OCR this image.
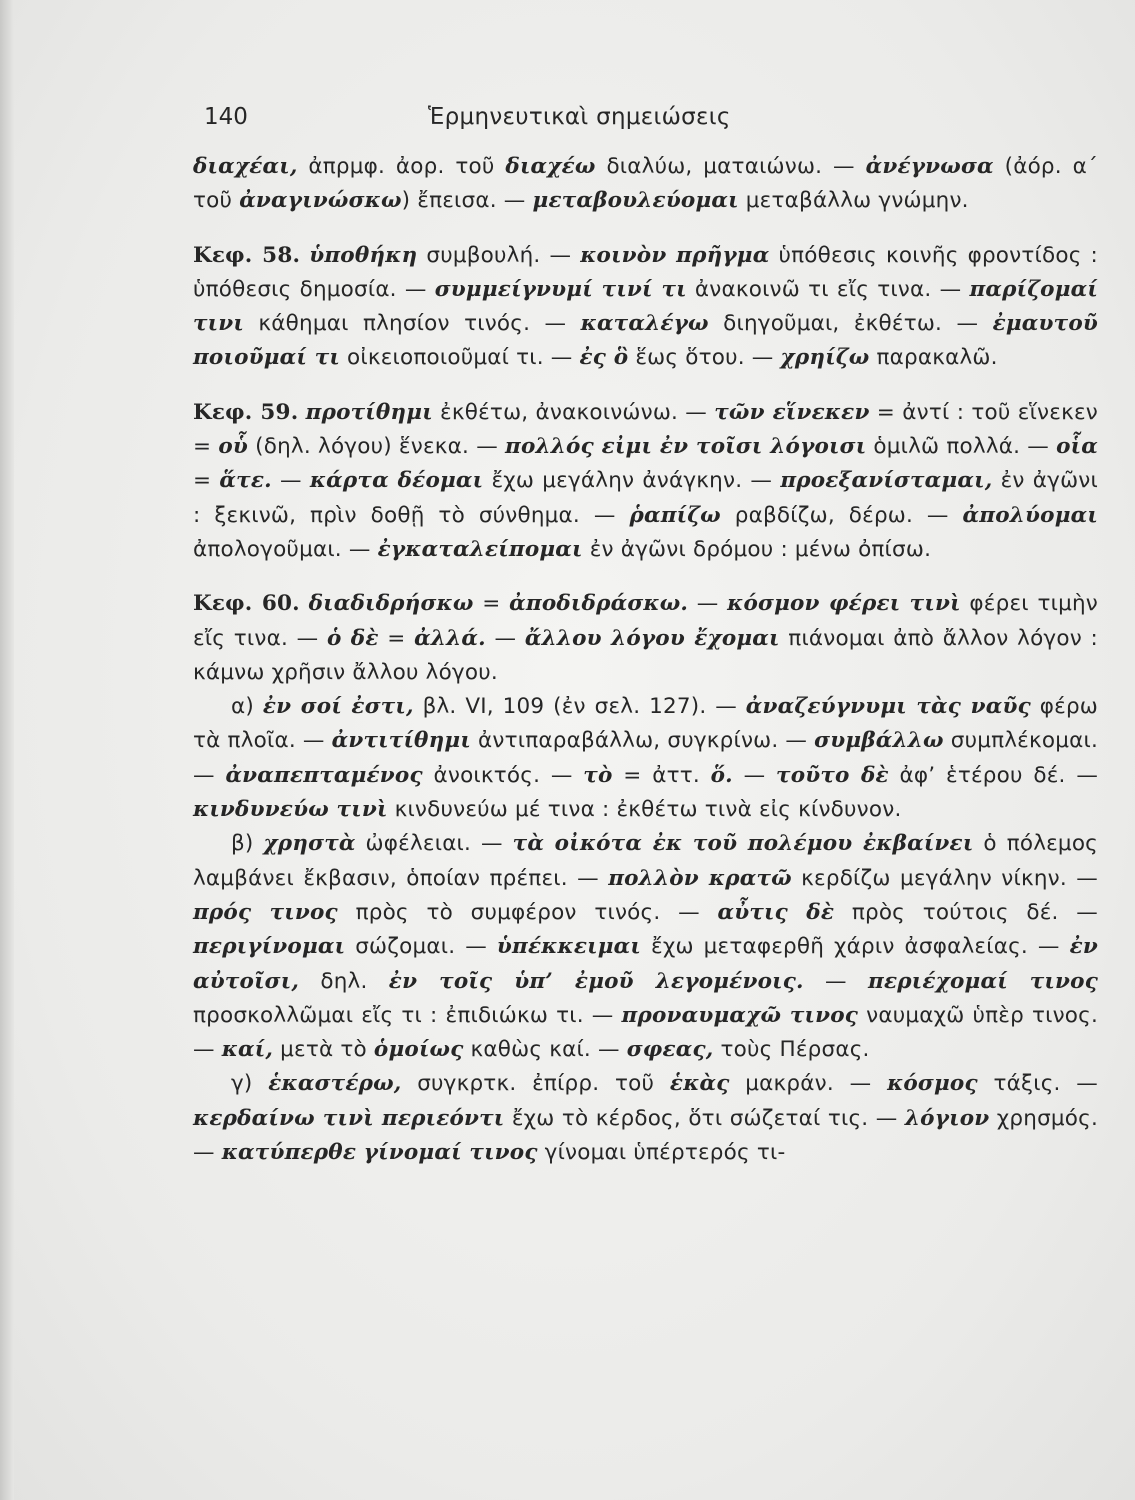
140	Ἑρμηνευτικαὶ σημειώσεις

διαχέαι, ἀπρμφ. ἀορ. τοῦ διαχέω διαλύω, ματαιώνω. — ἀνέγνωσα (ἀόρ. α΄ τοῦ ἀναγινώσκω) ἔπεισα. — μεταβουλεύομαι μεταβάλλω γνώμην.

Κεφ. 58. ὑποθήκη συμβουλή. — κοινὸν πρῆγμα ὑπόθεσις κοινῆς φροντίδος : ὑπόθεσις δημοσία. — συμμείγνυμί τινί τι ἀνακοινῶ τι εἴς τινα. — παρίζομαί τινι κάθημαι πλησίον τινός. — καταλέγω διηγοῦμαι, ἐκθέτω. — ἐμαυτοῦ ποιοῦμαί τι οἰκειοποιοῦμαί τι. — ἐς ὃ ἕως ὅτου. — χρηίζω παρακαλῶ.

Κεφ. 59. προτίθημι ἐκθέτω, ἀνακοινώνω. — τῶν εἵνεκεν = ἀντί : τοῦ εἵνεκεν = οὗ (δηλ. λόγου) ἕνεκα. — πολλός εἰμι ἐν τοῖσι λόγοισι ὁμιλῶ πολλά. — οἷα = ἅτε. — κάρτα δέομαι ἔχω μεγάλην ἀνάγκην. — προεξανίσταμαι, ἐν ἀγῶνι : ξεκινῶ, πρὶν δοθῇ τὸ σύνθημα. — ῥαπίζω ραβδίζω, δέρω. — ἀπολύομαι ἀπολογοῦμαι. — ἐγκαταλείπομαι ἐν ἀγῶνι δρόμου : μένω ὀπίσω.

Κεφ. 60. διαδιδρήσκω = ἀποδιδράσκω. — κόσμον φέρει τινὶ φέρει τιμὴν εἴς τινα. — ὁ δὲ = ἀλλά. — ἄλλου λόγου ἔχομαι πιάνομαι ἀπὸ ἄλλον λόγον : κάμνω χρῆσιν ἄλλου λόγου.

α) ἐν σοί ἐστι, βλ. VI, 109 (ἐν σελ. 127). — ἀναζεύγνυμι τὰς ναῦς φέρω τὰ πλοῖα. — ἀντιτίθημι ἀντιπαραβάλλω, συγκρίνω. — συμβάλλω συμπλέκομαι. — ἀναπεπταμένος ἀνοικτός. — τὸ = ἀττ. ὅ. — τοῦτο δὲ ἀφ’ ἑτέρου δέ. — κινδυνεύω τινὶ κινδυνεύω μέ τινα : ἐκθέτω τινὰ εἰς κίνδυνον.

β) χρηστὰ ὠφέλειαι. — τὰ οἰκότα ἐκ τοῦ πολέμου ἐκβαίνει ὁ πόλεμος λαμβάνει ἔκβασιν, ὁποίαν πρέπει. — πολλὸν κρατῶ κερδίζω μεγάλην νίκην. — πρός τινος πρὸς τὸ συμφέρον τινός. — αὖτις δὲ πρὸς τούτοις δέ. — περιγίνομαι σώζομαι. — ὑπέκκειμαι ἔχω μεταφερθῆ χάριν ἀσφαλείας. — ἐν αὐτοῖσι, δηλ. ἐν τοῖς ὑπ’ ἐμοῦ λεγομένοις. — περιέχομαί τινος προσκολλῶμαι εἴς τι : ἐπιδιώκω τι. — προναυμαχῶ τινος ναυμαχῶ ὑπὲρ τινος. — καί, μετὰ τὸ ὁμοίως καθὼς καί. — σφεας, τοὺς Πέρσας.

γ) ἑκαστέρω, συγκρτκ. ἐπίρρ. τοῦ ἑκὰς μακράν. — κόσμος τάξις. — κερδαίνω τινὶ περιεόντι ἔχω τὸ κέρδος, ὅτι σώζεταί τις. — λόγιον χρησμός. — κατύπερθε γίνομαί τινος γίνομαι ὑπέρτερός τι-
